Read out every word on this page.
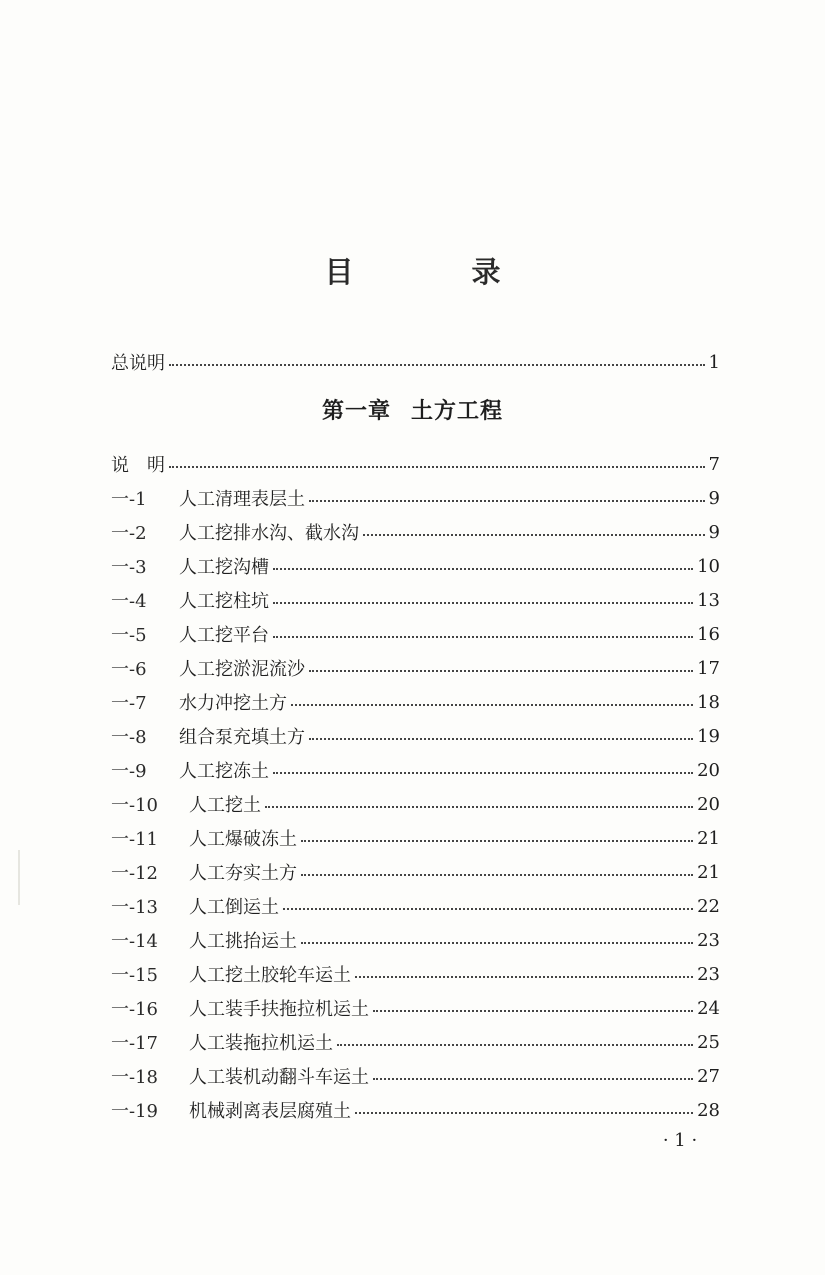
目 录
总说明	1
第一章 土方工程
说　明	7
一-1	人工清理表层土	9
一-2	人工挖排水沟、截水沟	9
一-3	人工挖沟槽	10
一-4	人工挖柱坑	13
一-5	人工挖平台	16
一-6	人工挖淤泥流沙	17
一-7	水力冲挖土方	18
一-8	组合泵充填土方	19
一-9	人工挖冻土	20
一-10	人工挖土	20
一-11	人工爆破冻土	21
一-12	人工夯实土方	21
一-13	人工倒运土	22
一-14	人工挑抬运土	23
一-15	人工挖土胶轮车运土	23
一-16	人工装手扶拖拉机运土	24
一-17	人工装拖拉机运土	25
一-18	人工装机动翻斗车运土	27
一-19	机械剥离表层腐殖土	28
· 1 ·
